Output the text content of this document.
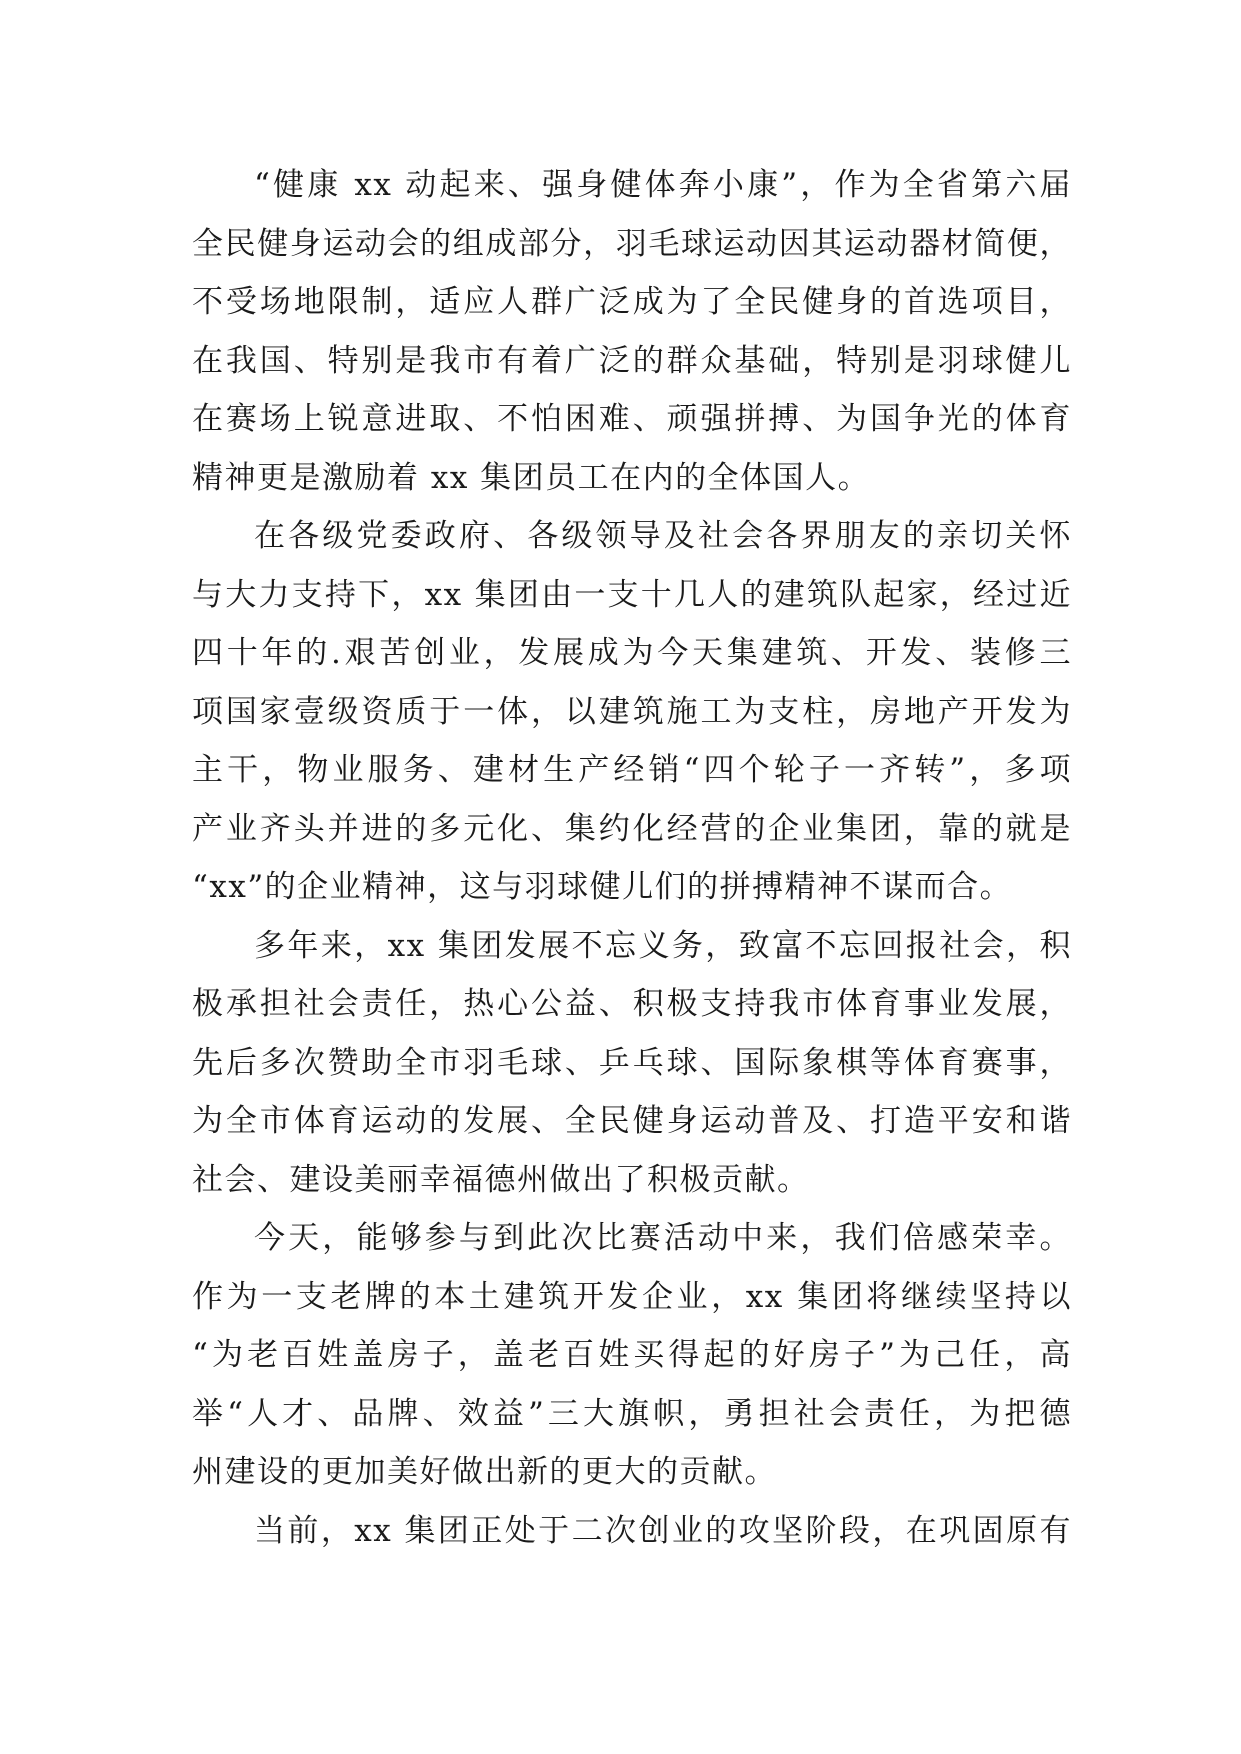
“健康 xx 动起来、强身健体奔小康”，作为全省第六届
全民健身运动会的组成部分，羽毛球运动因其运动器材简便，
不受场地限制，适应人群广泛成为了全民健身的首选项目，
在我国、特别是我市有着广泛的群众基础，特别是羽球健儿
在赛场上锐意进取、不怕困难、顽强拼搏、为国争光的体育
精神更是激励着 xx 集团员工在内的全体国人。
在各级党委政府、各级领导及社会各界朋友的亲切关怀
与大力支持下，xx 集团由一支十几人的建筑队起家，经过近
四十年的.艰苦创业，发展成为今天集建筑、开发、装修三
项国家壹级资质于一体，以建筑施工为支柱，房地产开发为
主干，物业服务、建材生产经销“四个轮子一齐转”，多项
产业齐头并进的多元化、集约化经营的企业集团，靠的就是
“xx”的企业精神，这与羽球健儿们的拼搏精神不谋而合。
多年来，xx 集团发展不忘义务，致富不忘回报社会，积
极承担社会责任，热心公益、积极支持我市体育事业发展，
先后多次赞助全市羽毛球、乒乓球、国际象棋等体育赛事，
为全市体育运动的发展、全民健身运动普及、打造平安和谐
社会、建设美丽幸福德州做出了积极贡献。
今天，能够参与到此次比赛活动中来，我们倍感荣幸。
作为一支老牌的本土建筑开发企业，xx 集团将继续坚持以
“为老百姓盖房子，盖老百姓买得起的好房子”为己任，高
举“人才、品牌、效益”三大旗帜，勇担社会责任，为把德
州建设的更加美好做出新的更大的贡献。
当前，xx 集团正处于二次创业的攻坚阶段，在巩固原有
